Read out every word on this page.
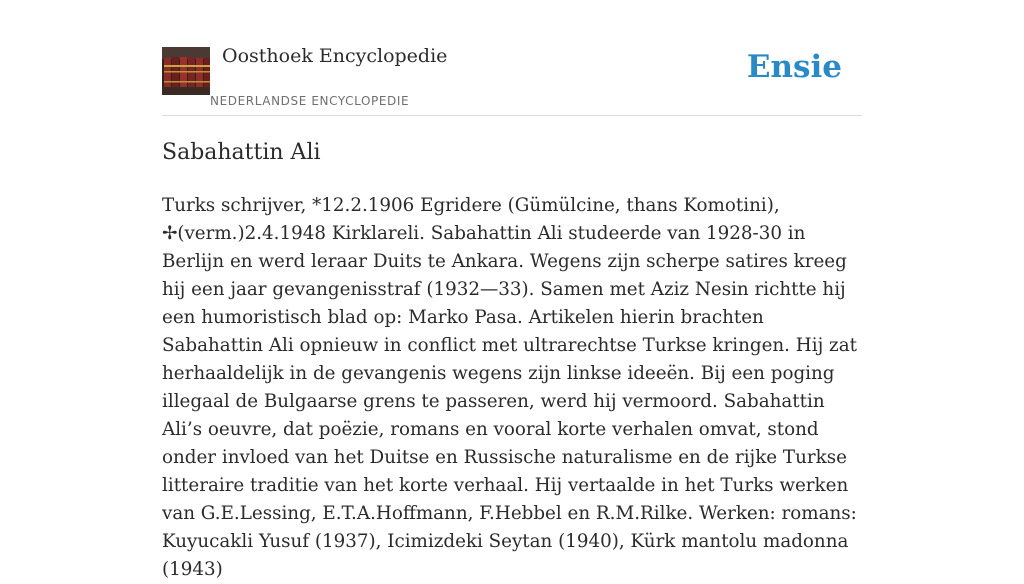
Oosthoek Encyclopedie
NEDERLANDSE ENCYCLOPEDIE
Ensie
Sabahattin Ali

Turks schrijver, *12.2.1906 Egridere (Gümülcine, thans Komotini), ✢(verm.)2.4.1948 Kirklareli. Sabahattin Ali studeerde van 1928-30 in Berlijn en werd leraar Duits te Ankara. Wegens zijn scherpe satires kreeg hij een jaar gevangenisstraf (1932—33). Samen met Aziz Nesin richtte hij een humoristisch blad op: Marko Pasa. Artikelen hierin brachten Sabahattin Ali opnieuw in conflict met ultrarechtse Turkse kringen. Hij zat herhaaldelijk in de gevangenis wegens zijn linkse ideeën. Bij een poging illegaal de Bulgaarse grens te passeren, werd hij vermoord. Sabahattin Ali’s oeuvre, dat poëzie, romans en vooral korte verhalen omvat, stond onder invloed van het Duitse en Russische naturalisme en de rijke Turkse litteraire traditie van het korte verhaal. Hij vertaalde in het Turks werken van G.E.Lessing, E.T.A.Hoffmann, F.Hebbel en R.M.Rilke. Werken: romans: Kuyucakli Yusuf (1937), Icimizdeki Seytan (1940), Kürk mantolu madonna (1943)
